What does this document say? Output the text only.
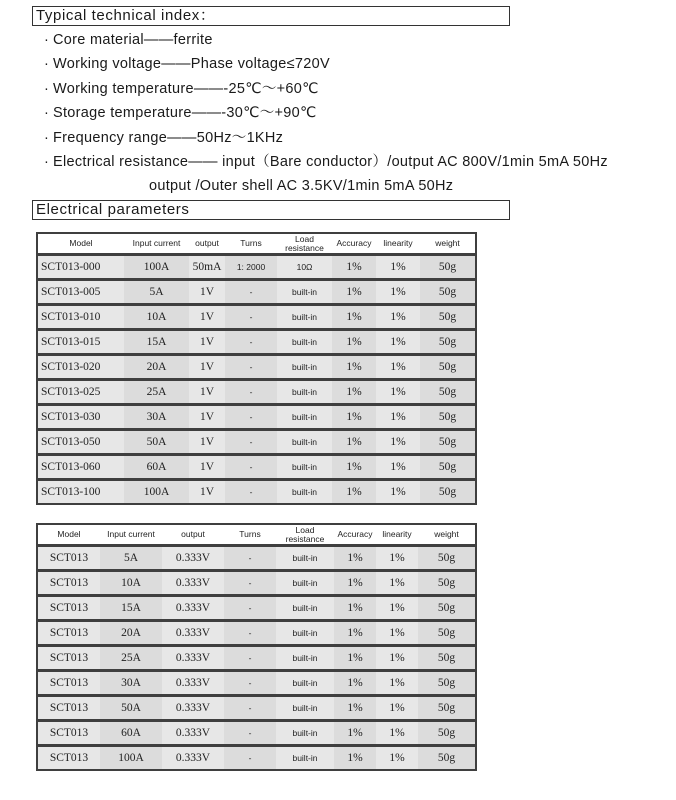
Typical technical index：
· Core material——ferrite
· Working voltage——Phase voltage≤720V
· Working temperature——-25℃～+60℃
· Storage temperature——-30℃～+90℃
· Frequency range——50Hz～1KHz
· Electrical resistance—— input（Bare conductor）/output AC 800V/1min 5mA 50Hz
output /Outer shell AC 3.5KV/1min 5mA 50Hz
Electrical parameters
Model	Input current	output	Turns	Load resistance	Accuracy	linearity	weight
SCT013-000	100A	50mA	1: 2000	10Ω	1%	1%	50g
SCT013-005	5A	1V	-	built-in	1%	1%	50g
SCT013-010	10A	1V	-	built-in	1%	1%	50g
SCT013-015	15A	1V	-	built-in	1%	1%	50g
SCT013-020	20A	1V	-	built-in	1%	1%	50g
SCT013-025	25A	1V	-	built-in	1%	1%	50g
SCT013-030	30A	1V	-	built-in	1%	1%	50g
SCT013-050	50A	1V	-	built-in	1%	1%	50g
SCT013-060	60A	1V	-	built-in	1%	1%	50g
SCT013-100	100A	1V	-	built-in	1%	1%	50g
Model	Input current	output	Turns	Load resistance	Accuracy	linearity	weight
SCT013	5A	0.333V	-	built-in	1%	1%	50g
SCT013	10A	0.333V	-	built-in	1%	1%	50g
SCT013	15A	0.333V	-	built-in	1%	1%	50g
SCT013	20A	0.333V	-	built-in	1%	1%	50g
SCT013	25A	0.333V	-	built-in	1%	1%	50g
SCT013	30A	0.333V	-	built-in	1%	1%	50g
SCT013	50A	0.333V	-	built-in	1%	1%	50g
SCT013	60A	0.333V	-	built-in	1%	1%	50g
SCT013	100A	0.333V	-	built-in	1%	1%	50g
